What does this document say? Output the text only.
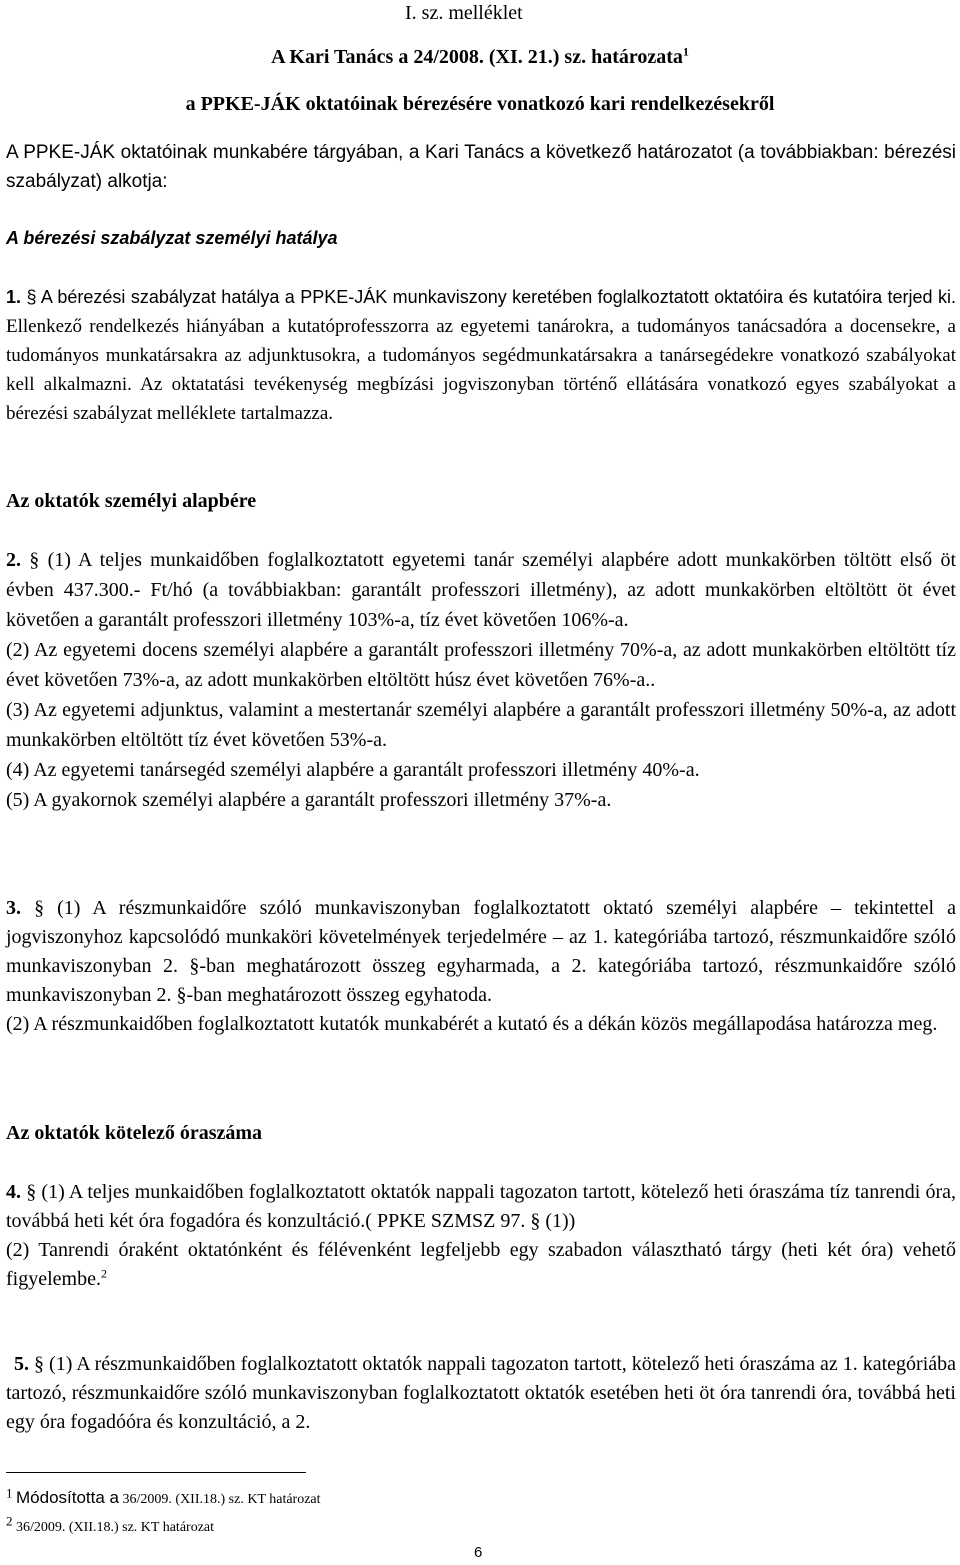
I. sz. melléklet

A Kari Tanács a 24/2008. (XI. 21.) sz. határozata$^1$

a PPKE-JÁK oktatóinak bérezésére vonatkozó kari rendelkezésekről

A PPKE-JÁK oktatóinak munkabére tárgyában, a Kari Tanács a következő határozatot (a továbbiakban: bérezési szabályzat) alkotja:

A bérezési szabályzat személyi hatálya

1. § A bérezési szabályzat hatálya a PPKE-JÁK munkaviszony keretében foglalkoztatott oktatóira és kutatóira terjed ki. Ellenkező rendelkezés hiányában a kutatóprofesszorra az egyetemi tanárokra, a tudományos tanácsadóra a docensekre, a tudományos munkatársakra az adjunktusokra, a tudományos segédmunkatársakra a tanársegédekre vonatkozó szabályokat kell alkalmazni. Az oktatatási tevékenység megbízási jogviszonyban történő ellátására vonatkozó egyes szabályokat a bérezési szabályzat melléklete tartalmazza.

Az oktatók személyi alapbére

2. § (1) A teljes munkaidőben foglalkoztatott egyetemi tanár személyi alapbére adott munkakörben töltött első öt évben 437.300.- Ft/hó (a továbbiakban: garantált professzori illetmény), az adott munkakörben eltöltött öt évet követően a garantált professzori illetmény 103%-a, tíz évet követően 106%-a.

(2) Az egyetemi docens személyi alapbére a garantált professzori illetmény 70%-a, az adott munkakörben eltöltött tíz évet követően 73%-a, az adott munkakörben eltöltött húsz évet követően 76%-a..

(3) Az egyetemi adjunktus, valamint a mestertanár személyi alapbére a garantált professzori illetmény 50%-a, az adott munkakörben eltöltött tíz évet követően 53%-a.

(4) Az egyetemi tanársegéd személyi alapbére a garantált professzori illetmény 40%-a.

(5) A gyakornok személyi alapbére a garantált professzori illetmény 37%-a.

3. § (1) A részmunkaidőre szóló munkaviszonyban foglalkoztatott oktató személyi alapbére – tekintettel a jogviszonyhoz kapcsolódó munkaköri követelmények terjedelmére – az 1. kategóriába tartozó, részmunkaidőre szóló munkaviszonyban 2. §-ban meghatározott összeg egyharmada, a 2. kategóriába tartozó, részmunkaidőre szóló munkaviszonyban 2. §-ban meghatározott összeg egyhatoda.

(2) A részmunkaidőben foglalkoztatott kutatók munkabérét a kutató és a dékán közös megállapodása határozza meg.

Az oktatók kötelező óraszáma

4. § (1) A teljes munkaidőben foglalkoztatott oktatók nappali tagozaton tartott, kötelező heti óraszáma tíz tanrendi óra, továbbá heti két óra fogadóra és konzultáció.( PPKE SZMSZ 97. § (1))

(2) Tanrendi óraként oktatónként és félévenként legfeljebb egy szabadon választható tárgy (heti két óra) vehető figyelembe.$^2$

5. § (1) A részmunkaidőben foglalkoztatott oktatók nappali tagozaton tartott, kötelező heti óraszáma az 1. kategóriába tartozó, részmunkaidőre szóló munkaviszonyban foglalkoztatott oktatók esetében heti öt óra tanrendi óra, továbbá heti egy óra fogadóóra és konzultáció, a 2.

1 Módosította a 36/2009. (XII.18.) sz. KT határozat

2 36/2009. (XII.18.) sz. KT határozat

6
